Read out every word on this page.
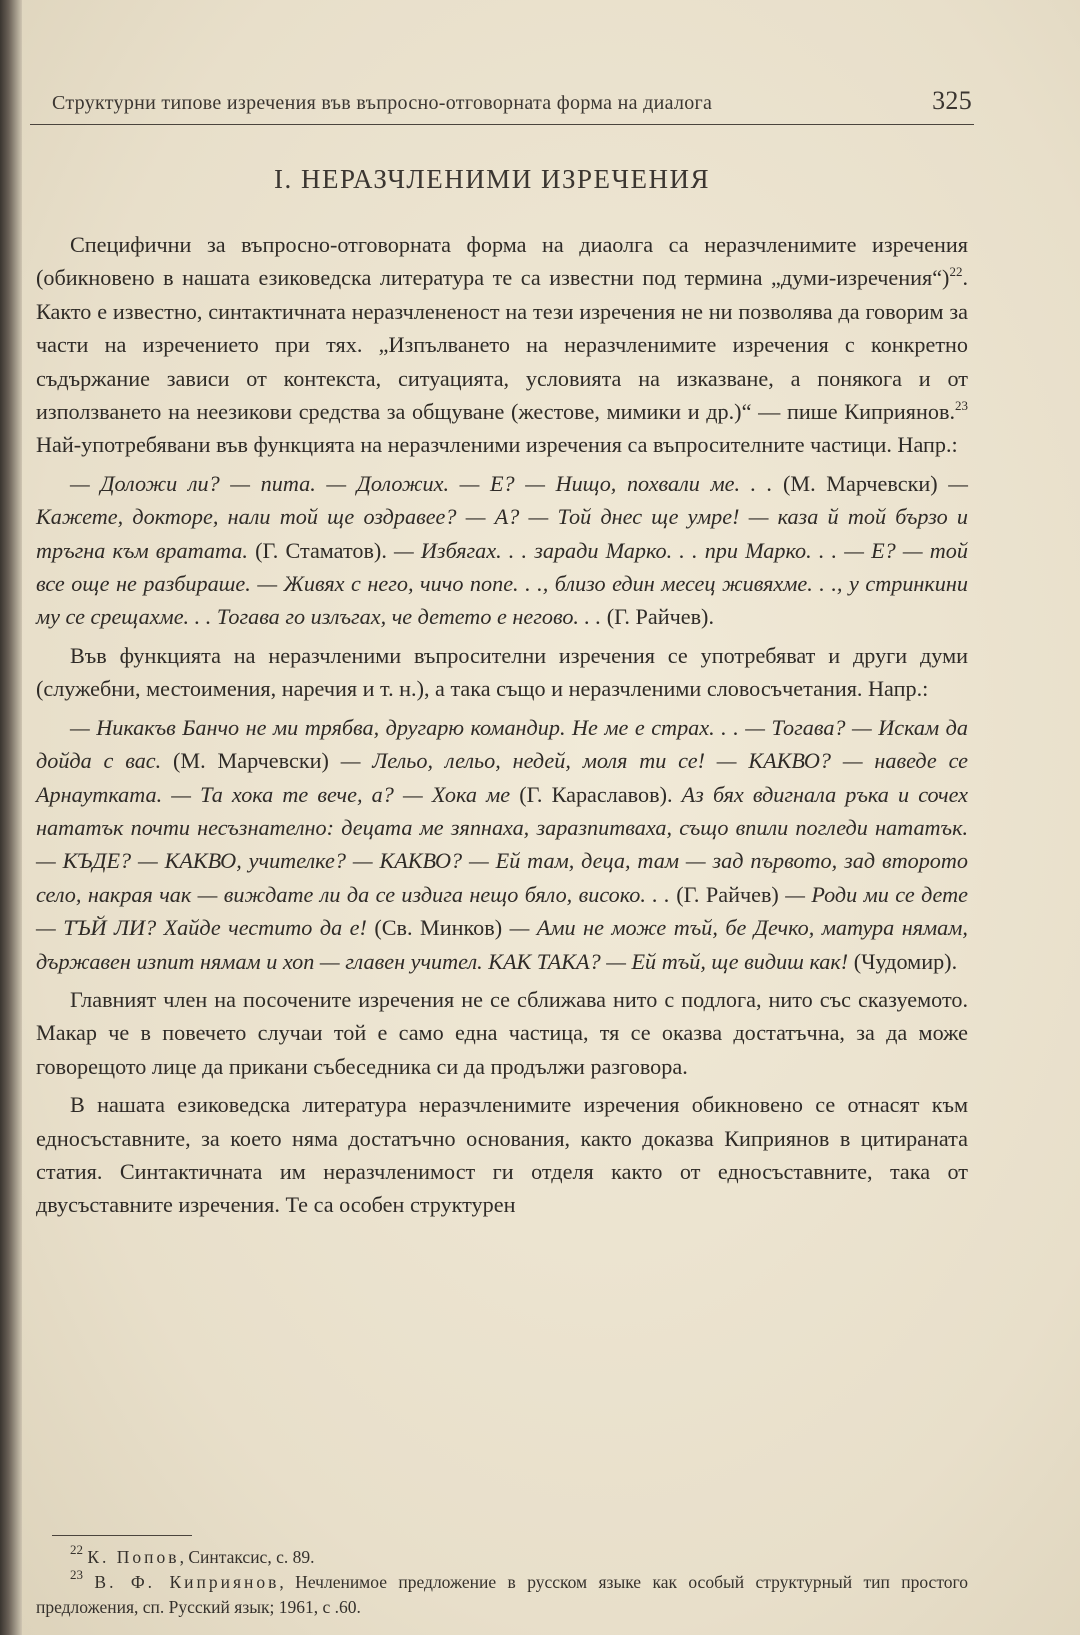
Структурни типове изречения във въпросно-отговорната форма на диалога	325
I. НЕРАЗЧЛЕНИМИ ИЗРЕЧЕНИЯ

Специфични за въпросно-отговорната форма на диаолга са неразчленимите изречения (обикновено в нашата езиковедска литература те са известни под термина „думи-изречения“)$^{22}$. Както е известно, синтактичната неразчлененост на тези изречения не ни позволява да говорим за части на изречението при тях. „Изпълването на неразчленимите изречения с конкретно съдържание зависи от контекста, ситуацията, условията на изказване, а понякога и от използването на неезикови средства за общуване (жестове, мимики и др.)“ — пише Киприянов.$^{23}$ Най-употребявани във функцията на неразчленими изречения са въпросителните частици. Напр.:

— Доложи ли? — пита. — Доложих. — Е? — Нищо, похвали ме. . . (М. Марчевски) — Кажете, докторе, нали той ще оздравее? — А? — Той днес ще умре! — каза й той бързо и тръгна към вратата. (Г. Стаматов). — Избягах. . . заради Марко. . . при Марко. . . — Е? — той все още не разбираше. — Живях с него, чичо попе. . ., близо един месец живяхме. . ., у стринкини му се срещахме. . . Тогава го излъгах, че детето е негово. . . (Г. Райчев).

Във функцията на неразчленими въпросителни изречения се употребяват и други думи (служебни, местоимения, наречия и т. н.), а така също и неразчленими словосъчетания. Напр.:

— Никакъв Банчо не ми трябва, другарю командир. Не ме е страх. . . — Тогава? — Искам да дойда с вас. (М. Марчевски) — Лельо, лельо, недей, моля ти се! — КАКВО? — наведе се Арнаутката. — Та хока те вече, а? — Хока ме (Г. Караславов). Аз бях вдигнала ръка и сочех нататък почти несъзнателно: децата ме зяпнаха, заразпитваха, също впили погледи нататък. — КЪДЕ? — КАКВО, учителке? — КАКВО? — Ей там, деца, там — зад първото, зад второто село, накрая чак — виждате ли да се издига нещо бяло, високо. . . (Г. Райчев) — Роди ми се дете — ТЪЙ ЛИ? Хайде честито да е! (Св. Минков) — Ами не може тъй, бе Дечко, матура нямам, държавен изпит нямам и хоп — главен учител. КАК ТАКА? — Ей тъй, ще видиш как! (Чудомир).

Главният член на посочените изречения не се сближава нито с подлога, нито със сказуемото. Макар че в повечето случаи той е само една частица, тя се оказва достатъчна, за да може говорещото лице да прикани събеседника си да продължи разговора.

В нашата езиковедска литература неразчленимите изречения обикновено се отнасят към едносъставните, за което няма достатъчно основания, както доказва Киприянов в цитираната статия. Синтактичната им неразчленимост ги отделя както от едносъставните, така от двусъставните изречения. Те са особен структурен

$^{22}$ К. Попов, Синтаксис, с. 89.
$^{23}$ В. Ф. Киприянов, Нечленимое предложение в русском языке как особый структурный тип простого предложения, сп. Русский язык; 1961, с .60.
